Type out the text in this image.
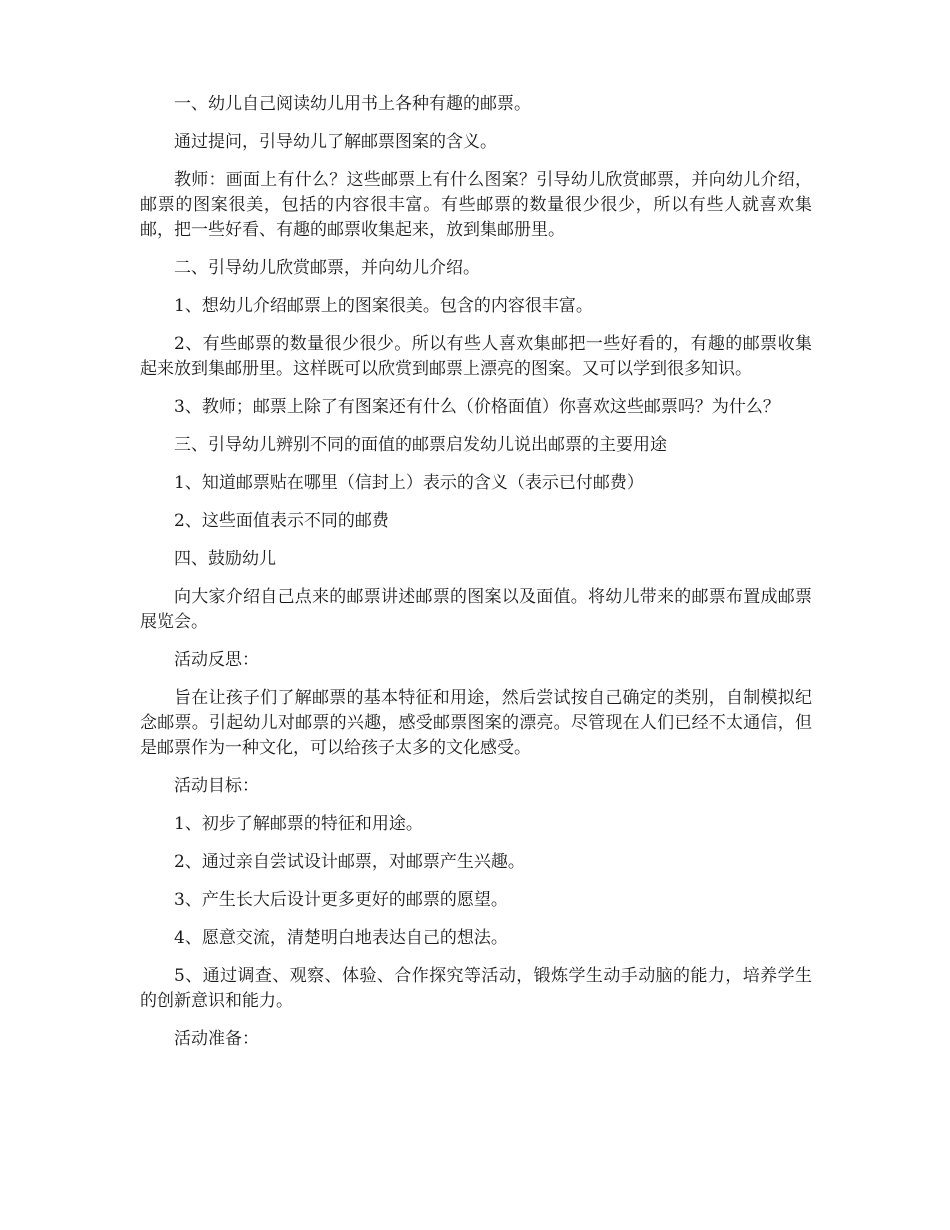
一、幼儿自己阅读幼儿用书上各种有趣的邮票。

通过提问，引导幼儿了解邮票图案的含义。

教师：画面上有什么？这些邮票上有什么图案？引导幼儿欣赏邮票，并向幼儿介绍，邮票的图案很美，包括的内容很丰富。有些邮票的数量很少很少，所以有些人就喜欢集邮，把一些好看、有趣的邮票收集起来，放到集邮册里。

二、引导幼儿欣赏邮票，并向幼儿介绍。

1、想幼儿介绍邮票上的图案很美。包含的内容很丰富。

2、有些邮票的数量很少很少。所以有些人喜欢集邮把一些好看的，有趣的邮票收集起来放到集邮册里。这样既可以欣赏到邮票上漂亮的图案。又可以学到很多知识。

3、教师；邮票上除了有图案还有什么（价格面值）你喜欢这些邮票吗？为什么？

三、引导幼儿辨别不同的面值的邮票启发幼儿说出邮票的主要用途

1、知道邮票贴在哪里（信封上）表示的含义（表示已付邮费）

2、这些面值表示不同的邮费

四、鼓励幼儿

向大家介绍自己点来的邮票讲述邮票的图案以及面值。将幼儿带来的邮票布置成邮票展览会。

活动反思：

旨在让孩子们了解邮票的基本特征和用途，然后尝试按自己确定的类别，自制模拟纪念邮票。引起幼儿对邮票的兴趣，感受邮票图案的漂亮。尽管现在人们已经不太通信，但是邮票作为一种文化，可以给孩子太多的文化感受。

活动目标：

1、初步了解邮票的特征和用途。

2、通过亲自尝试设计邮票，对邮票产生兴趣。

3、产生长大后设计更多更好的邮票的愿望。

4、愿意交流，清楚明白地表达自己的想法。

5、通过调查、观察、体验、合作探究等活动，锻炼学生动手动脑的能力，培养学生的创新意识和能力。

活动准备：
